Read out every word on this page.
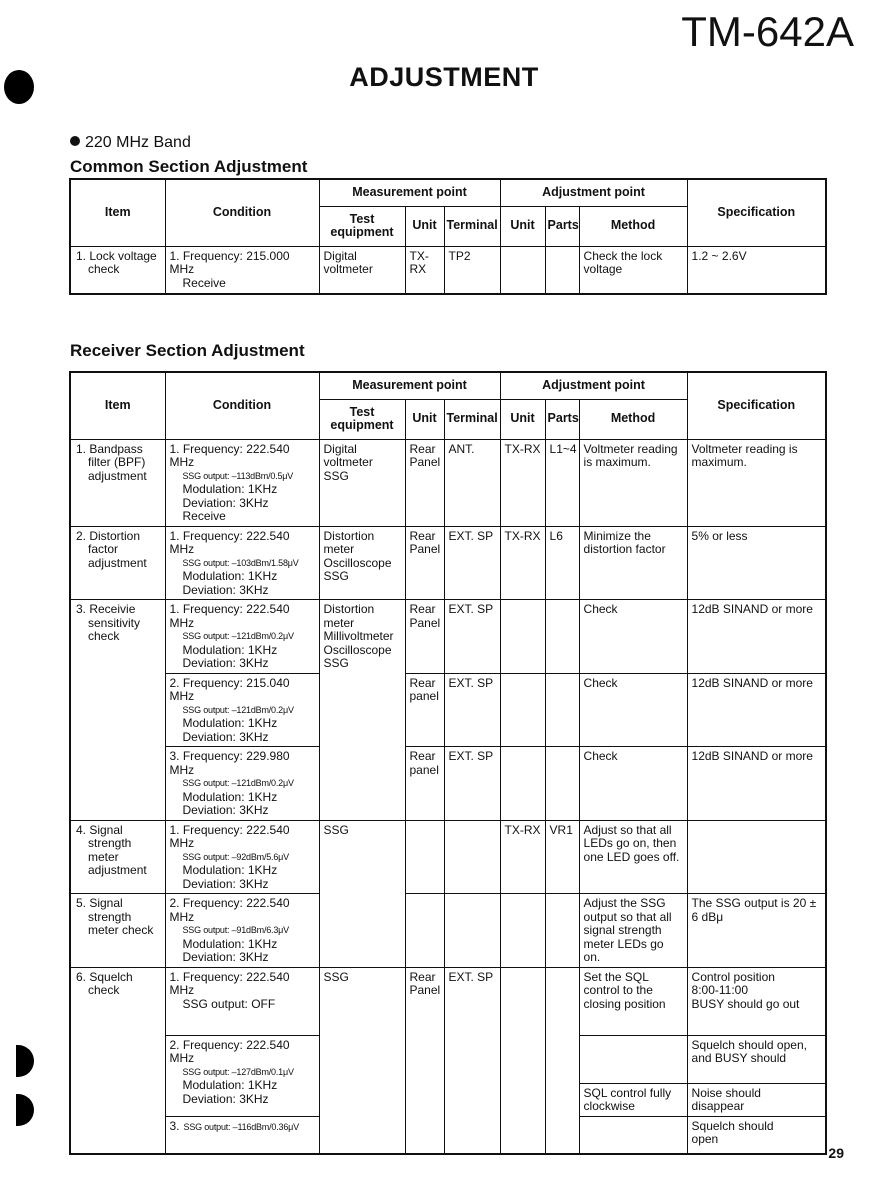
TM-642A
ADJUSTMENT
220 MHz Band
Common Section Adjustment
Item	Condition	Measurement point			Adjustment point			Specification

		Test
equipment	Unit	Terminal	Unit	Parts	Method	

1. Lock voltage
check	1. Frequency: 215.000 MHz
Receive	Digital
voltmeter	TX-RX	TP2			Check the lock
voltage	1.2 ~ 2.6V
Receiver Section Adjustment
Item	Condition	Measurement point			Adjustment point			Specification

		Test
equipment	Unit	Terminal	Unit	Parts	Method	

1. Bandpass
filter (BPF)
adjustment	1. Frequency: 222.540 MHz
SSG output: –113dBm/0.5μV
Modulation: 1KHz
Deviation: 3KHz
Receive	Digital
voltmeter SSG	Rear
Panel	ANT.	TX-RX	L1~4	Voltmeter reading
is maximum.	Voltmeter reading is
maximum.

2. Distortion
factor
adjustment	1. Frequency: 222.540 MHz
SSG output: –103dBm/1.58μV
Modulation: 1KHz
Deviation: 3KHz	Distortion
meter
Oscilloscope
SSG	Rear
Panel	EXT. SP	TX-RX	L6	Minimize the
distortion factor	5% or less

3. Receivie
sensitivity
check	1. Frequency: 222.540 MHz
SSG output: –121dBm/0.2μV
Modulation: 1KHz
Deviation: 3KHz	Distortion
meter
Millivoltmeter
Oscilloscope
SSG	Rear
Panel	EXT. SP			Check	12dB SINAND or more

	2. Frequency: 215.040 MHz
SSG output: –121dBm/0.2μV
Modulation: 1KHz
Deviation: 3KHz		Rear
panel	EXT. SP			Check	12dB SINAND or more

	3. Frequency: 229.980 MHz
SSG output: –121dBm/0.2μV
Modulation: 1KHz
Deviation: 3KHz		Rear
panel	EXT. SP			Check	12dB SINAND or more

4. Signal
strength
meter
adjustment	1. Frequency: 222.540 MHz
SSG output: –92dBm/5.6μV
Modulation: 1KHz
Deviation: 3KHz	SSG			TX-RX	VR1	Adjust so that all
LEDs go on, then
one LED goes off.	

5. Signal
strength
meter check	2. Frequency: 222.540 MHz
SSG output: –91dBm/6.3μV
Modulation: 1KHz
Deviation: 3KHz						Adjust the SSG
output so that all
signal strength
meter LEDs go on.	The SSG output is 20 ±
6 dBμ

6. Squelch
check	1. Frequency: 222.540 MHz
SSG output: OFF	SSG	Rear
Panel	EXT. SP			Set the SQL
control to the
closing position	Control position
8:00-11:00
BUSY should go out

	2. Frequency: 222.540 MHz
SSG output: –127dBm/0.1μV
Modulation: 1KHz
Deviation: 3KHz							Squelch should open,
and BUSY should

							SQL control fully
clockwise	Noise should
disappear

	3. SSG output: –116dBm/0.36μV							Squelch should
open
29
